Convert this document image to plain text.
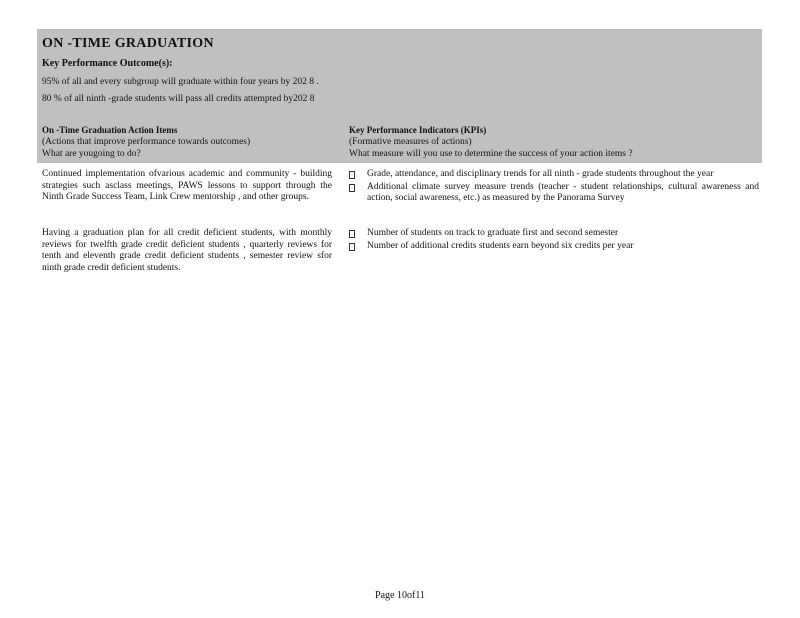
ON -TIME GRADUATION
Key Performance Outcome(s):
95% of all and every subgroup will graduate within four years by 202 8 .
80 % of all ninth -grade students will pass all credits attempted by202 8
On -Time Graduation Action Items
(Actions that improve performance towards outcomes)
What are yougoing to do?
Key Performance Indicators (KPIs)
(Formative measures of actions)
What measure will you use to determine the success of your action items ?
Continued implementation ofvarious academic and community - building strategies such asclass meetings, PAWS lessons to support through the Ninth Grade Success Team, Link Crew mentorship , and other groups.
Grade, attendance, and disciplinary trends for all ninth - grade students throughout the year
Additional climate survey measure trends (teacher - student relationships, cultural awareness and action, social awareness, etc.) as measured by the Panorama Survey
Having a graduation plan for all credit deficient students, with monthly reviews for twelfth grade credit deficient students , quarterly reviews for tenth and eleventh grade credit deficient students , semester review sfor ninth grade credit deficient students.
Number of students on track to graduate first and second semester
Number of additional credits students earn beyond six credits per year
Page 10of11
